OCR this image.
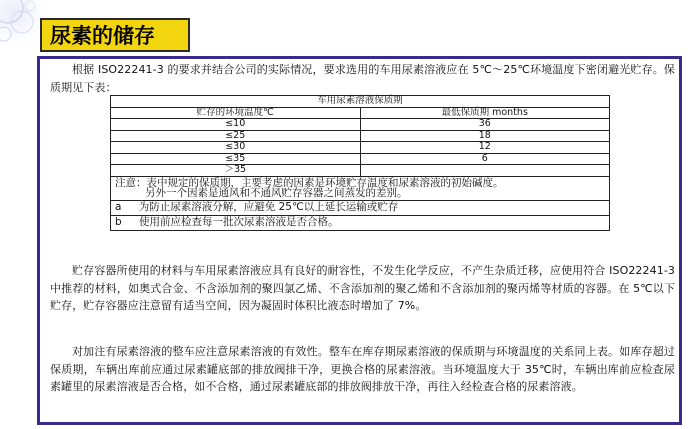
尿素的储存

根据 ISO22241-3 的要求并结合公司的实际情况，要求选用的车用尿素溶液应在 5℃～25℃环境温度下密闭避光贮存。保质期见下表：

车用尿素溶液保质期	
贮存的环境温度℃	最低保质期 months
≤10	36
≤25	18
≤30	12
≤35	6
＞35	

注意：表中规定的保质期，主要考虑的因素是环境贮存温度和尿素溶液的初始碱度。
另外一个因素是通风和不通风贮存容器之间蒸发的差别。	

a 为防止尿素溶液分解，应避免 25℃以上延长运输或贮存	
b 使用前应检查每一批次尿素溶液是否合格。	

贮存容器所使用的材料与车用尿素溶液应具有良好的耐容性，不发生化学反应，不产生杂质迁移，应使用符合 ISO22241-3 中推荐的材料，如奥式合金、不含添加剂的聚四氯乙烯、不含添加剂的聚乙烯和不含添加剂的聚丙烯等材质的容器。在 5℃以下贮存，贮存容器应注意留有适当空间，因为凝固时体积比液态时增加了 7%。

对加注有尿素溶液的整车应注意尿素溶液的有效性。整车在库存期尿素溶液的保质期与环境温度的关系同上表。如库存超过保质期，车辆出库前应通过尿素罐底部的排放阀排干净，更换合格的尿素溶液。当环境温度大于 35℃时，车辆出库前应检查尿素罐里的尿素溶液是否合格，如不合格，通过尿素罐底部的排放阀排放干净，再往入经检查合格的尿素溶液。
